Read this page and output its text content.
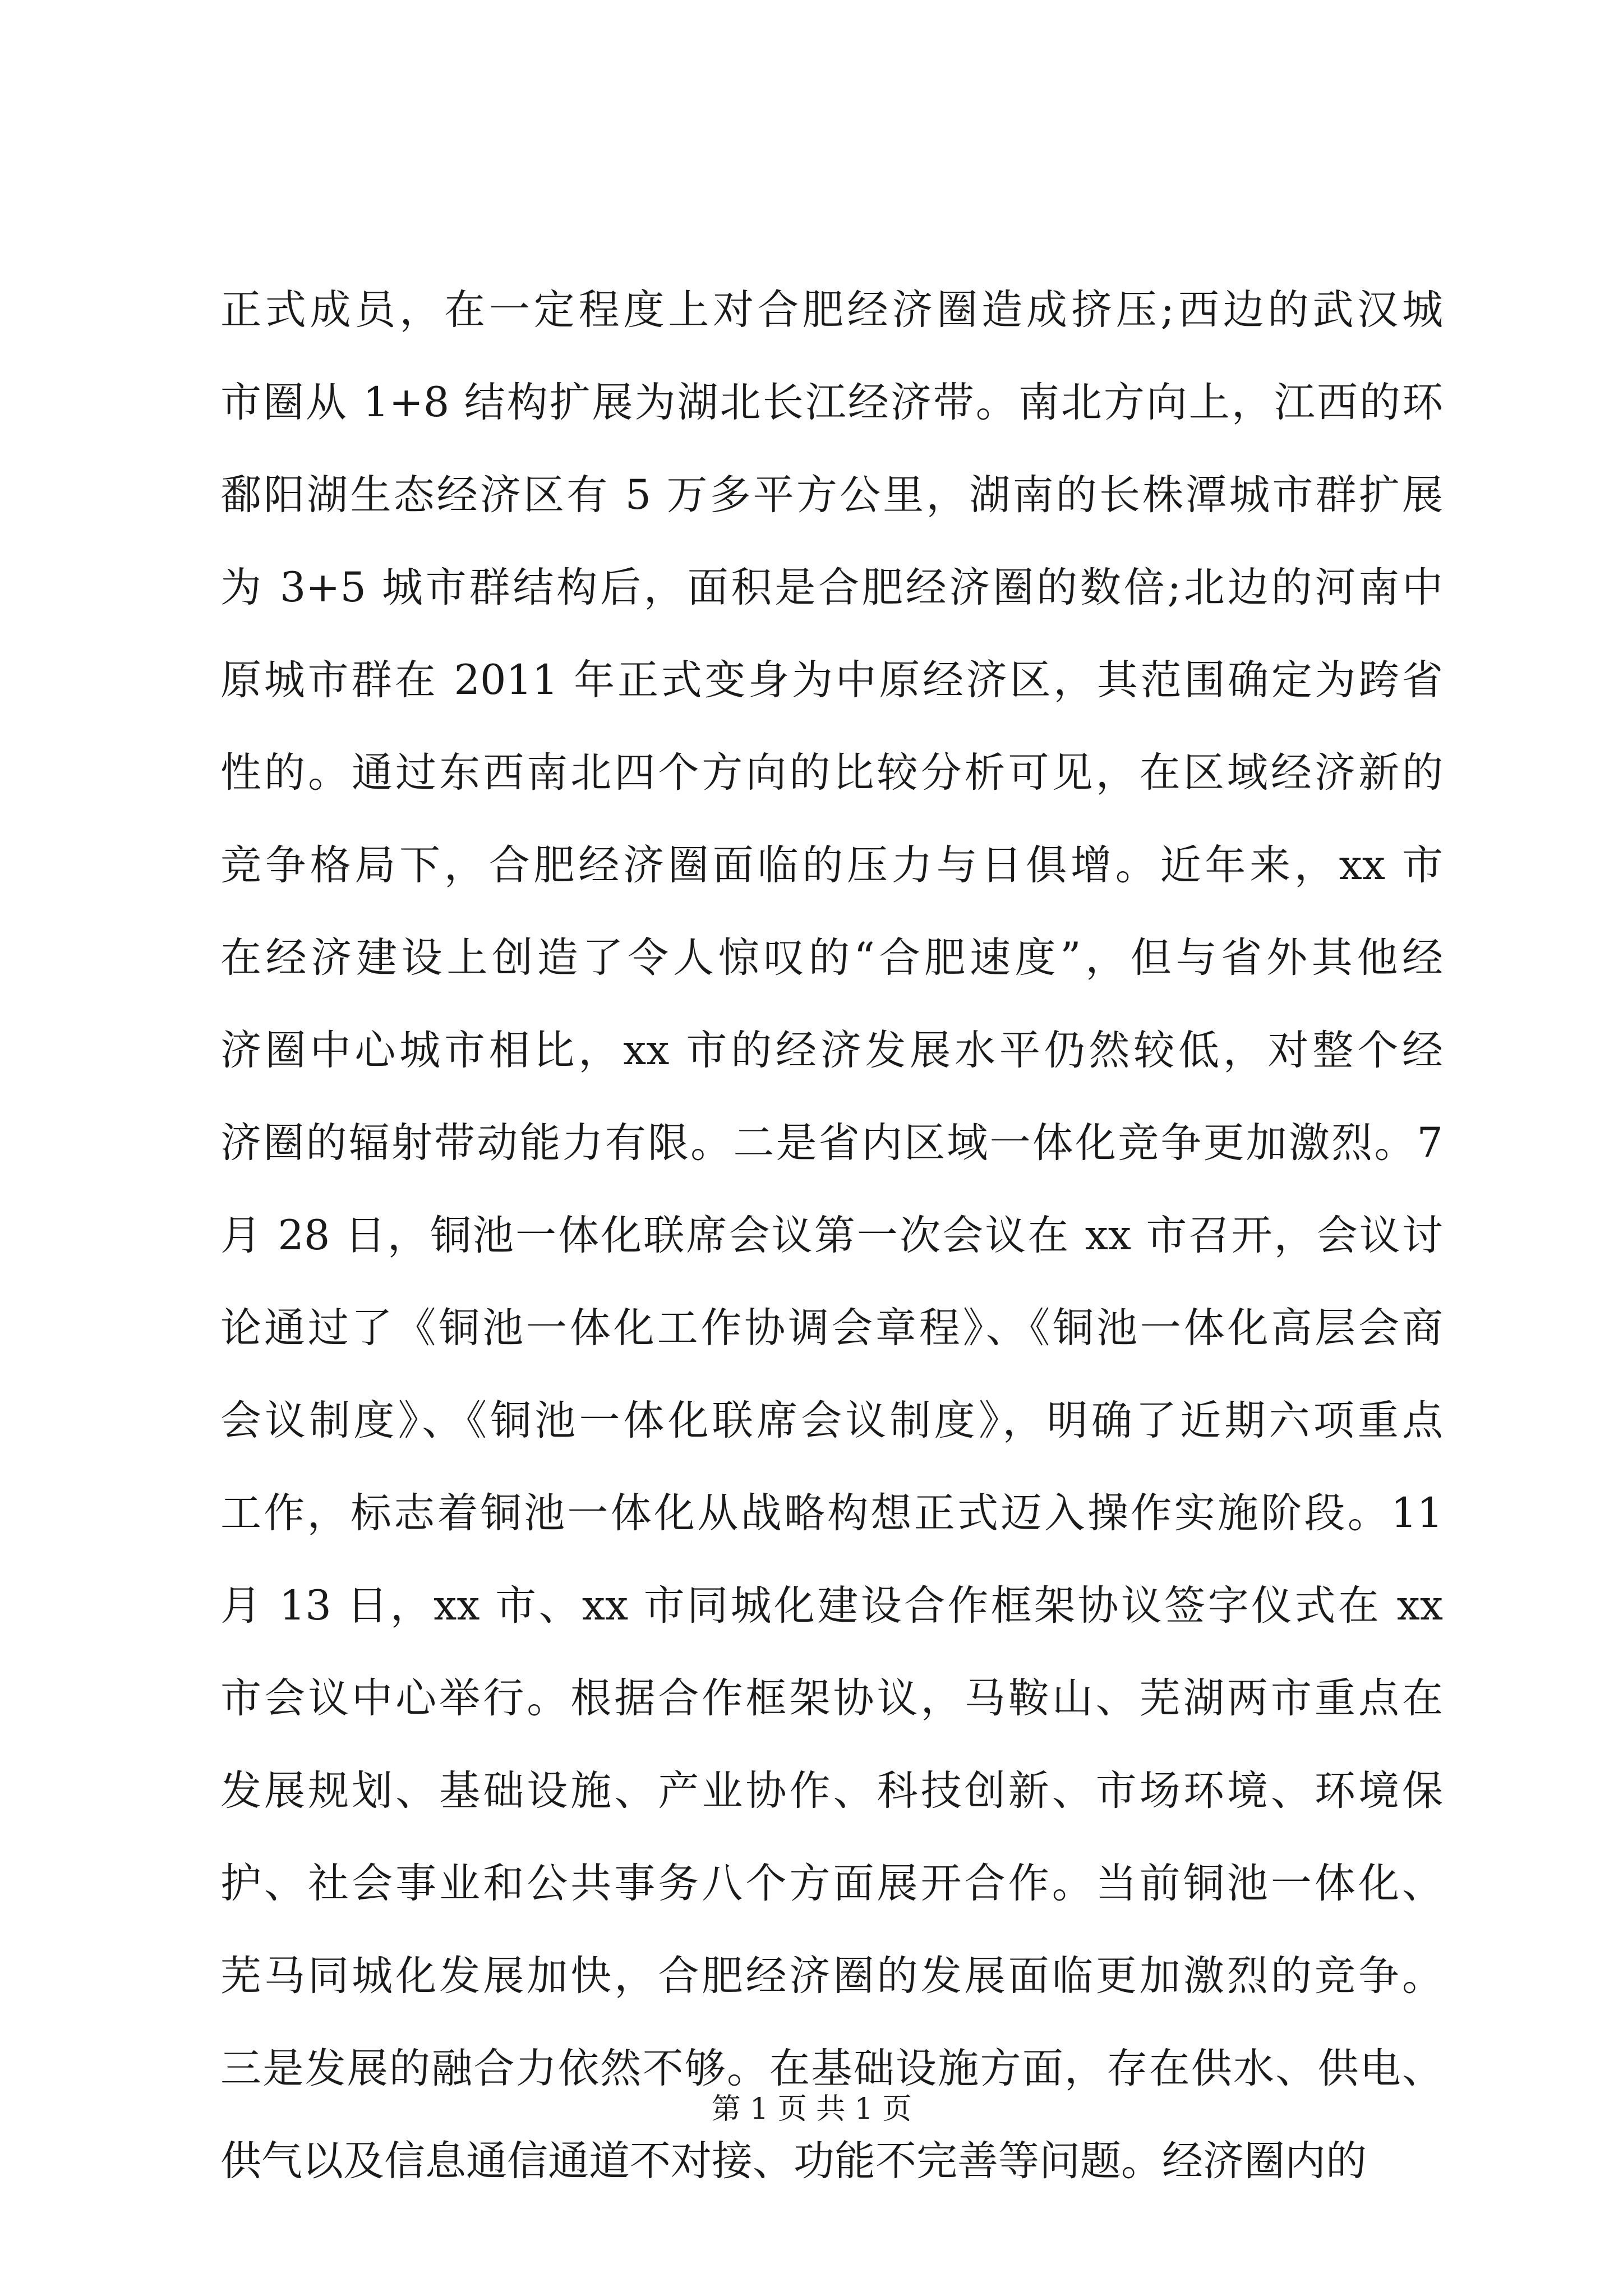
正式成员，在一定程度上对合肥经济圈造成挤压;西边的武汉城
市圈从 1+8 结构扩展为湖北长江经济带。南北方向上，江西的环
鄱阳湖生态经济区有 5 万多平方公里，湖南的长株潭城市群扩展
为 3+5 城市群结构后，面积是合肥经济圈的数倍;北边的河南中
原城市群在 2011 年正式变身为中原经济区，其范围确定为跨省
性的。通过东西南北四个方向的比较分析可见，在区域经济新的
竞争格局下，合肥经济圈面临的压力与日俱增。近年来，xx 市
在经济建设上创造了令人惊叹的“合肥速度”，但与省外其他经
济圈中心城市相比，xx 市的经济发展水平仍然较低，对整个经
济圈的辐射带动能力有限。二是省内区域一体化竞争更加激烈。7
月 28 日，铜池一体化联席会议第一次会议在 xx 市召开，会议讨
论通过了《铜池一体化工作协调会章程》、《铜池一体化高层会商
会议制度》、《铜池一体化联席会议制度》，明确了近期六项重点
工作，标志着铜池一体化从战略构想正式迈入操作实施阶段。11
月 13 日，xx 市、xx 市同城化建设合作框架协议签字仪式在 xx
市会议中心举行。根据合作框架协议，马鞍山、芜湖两市重点在
发展规划、基础设施、产业协作、科技创新、市场环境、环境保
护、社会事业和公共事务八个方面展开合作。当前铜池一体化、
芜马同城化发展加快，合肥经济圈的发展面临更加激烈的竞争。
三是发展的融合力依然不够。在基础设施方面，存在供水、供电、
供气以及信息通信通道不对接、功能不完善等问题。经济圈内的
第 1 页 共 1 页
